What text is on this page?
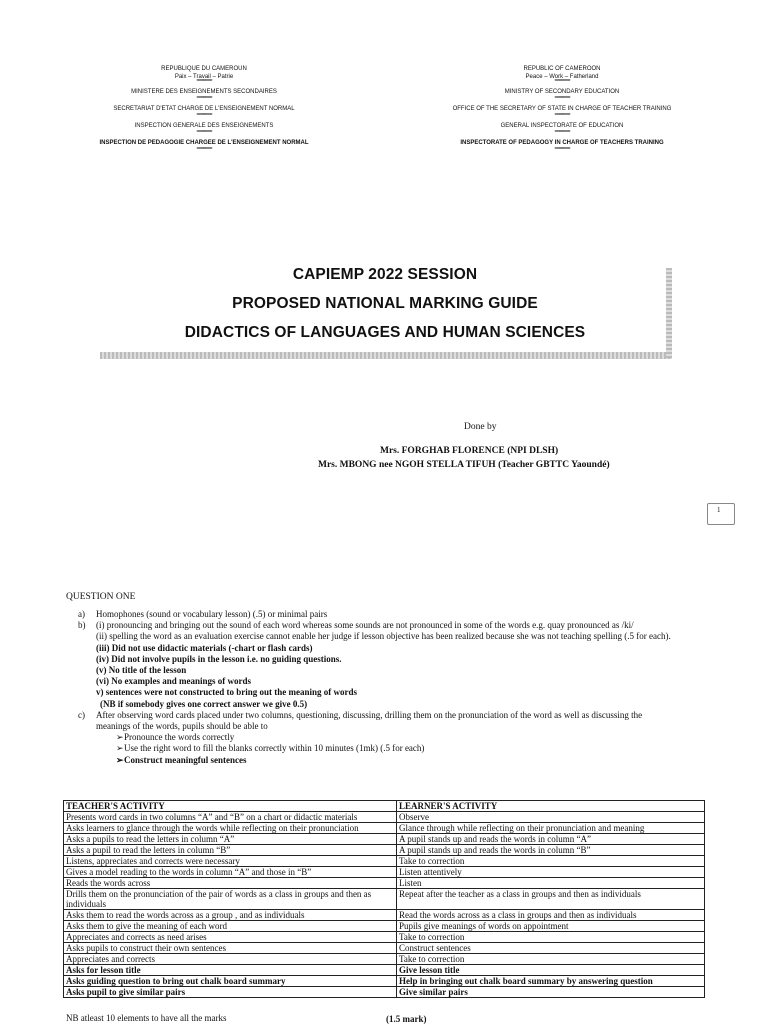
REPUBLIQUE DU CAMEROUN
Paix – Travail – Patrie
****************
MINISTERE DES ENSEIGNEMENTS SECONDAIRES
****************
SECRETARIAT D'ETAT CHARGE DE L'ENSEIGNEMENT NORMAL
****************
INSPECTION GENERALE DES ENSEIGNEMENTS
****************
INSPECTION DE PEDAGOGIE CHARGEE DE L'ENSEIGNEMENT NORMAL
****************
REPUBLIC OF CAMEROON
Peace – Work – Fatherland
****************
MINISTRY OF SECONDARY EDUCATION
****************
OFFICE OF THE SECRETARY OF STATE IN CHARGE OF TEACHER TRAINING
****************
GENERAL INSPECTORATE OF EDUCATION
****************
INSPECTORATE OF PEDAGOGY IN CHARGE OF TEACHERS TRAINING
****************
CAPIEMP 2022 SESSION
PROPOSED NATIONAL MARKING GUIDE
DIDACTICS OF LANGUAGES AND HUMAN SCIENCES
Done by
Mrs. FORGHAB FLORENCE (NPI DLSH)
Mrs. MBONG nee NGOH STELLA TIFUH (Teacher GBTTC Yaoundé)
1
QUESTION ONE
a) Homophones (sound or vocabulary lesson) (.5) or minimal pairs
b) (i) pronouncing and bringing out the sound of each word whereas some sounds are not pronounced in some of the words e.g. quay pronounced as /ki/
(ii) spelling the word as an evaluation exercise cannot enable her judge if lesson objective has been realized because she was not teaching spelling (.5 for each).
(iii) Did not use didactic materials (-chart or flash cards)
(iv) Did not involve pupils in the lesson i.e. no guiding questions.
(v) No title of the lesson
(vi) No examples and meanings of words
v) sentences were not constructed to bring out the meaning of words
(NB if somebody gives one correct answer we give 0.5)
c) After observing word cards placed under two columns, questioning, discussing, drilling them on the pronunciation of the word as well as discussing the
meanings of the words, pupils should be able to
➢ Pronounce the words correctly
➢ Use the right word to fill the blanks correctly within 10 minutes (1mk) (.5 for each)
➢ Construct meaningful sentences
TEACHER'S ACTIVITY	LEARNER'S ACTIVITY
Presents word cards in two columns “A” and “B” on a chart or didactic materials	Observe
Asks learners to glance through the words while reflecting on their pronunciation	Glance through while reflecting on their pronunciation and meaning
Asks a pupils to read the letters in column “A”	A pupil stands up and reads the words in column “A”
Asks a pupil to read the letters in column “B”	A pupil stands up and reads the words in column “B”
Listens, appreciates and corrects were necessary	Take to correction
Gives a model reading to the words in column “A” and those in “B”	Listen attentively
Reads the words across	Listen
Drills them on the pronunciation of the pair of words as a class in groups and then as individuals	Repeat after the teacher as a class in groups and then as individuals
Asks them to read the words across as a group , and as individuals	Read the words across as a class in groups and then as individuals
Asks them to give the meaning of each word	Pupils give meanings of words on appointment
Appreciates and corrects as need arises	Take to correction
Asks pupils to construct their own sentences	Construct sentences
Appreciates and corrects	Take to correction
Asks for lesson title	Give lesson title
Asks guiding question to bring out chalk board summary	Help in bringing out chalk board summary by answering question
Asks pupil to give similar pairs	Give similar pairs
NB atleast 10 elements to have all the marks	(1.5 mark)
